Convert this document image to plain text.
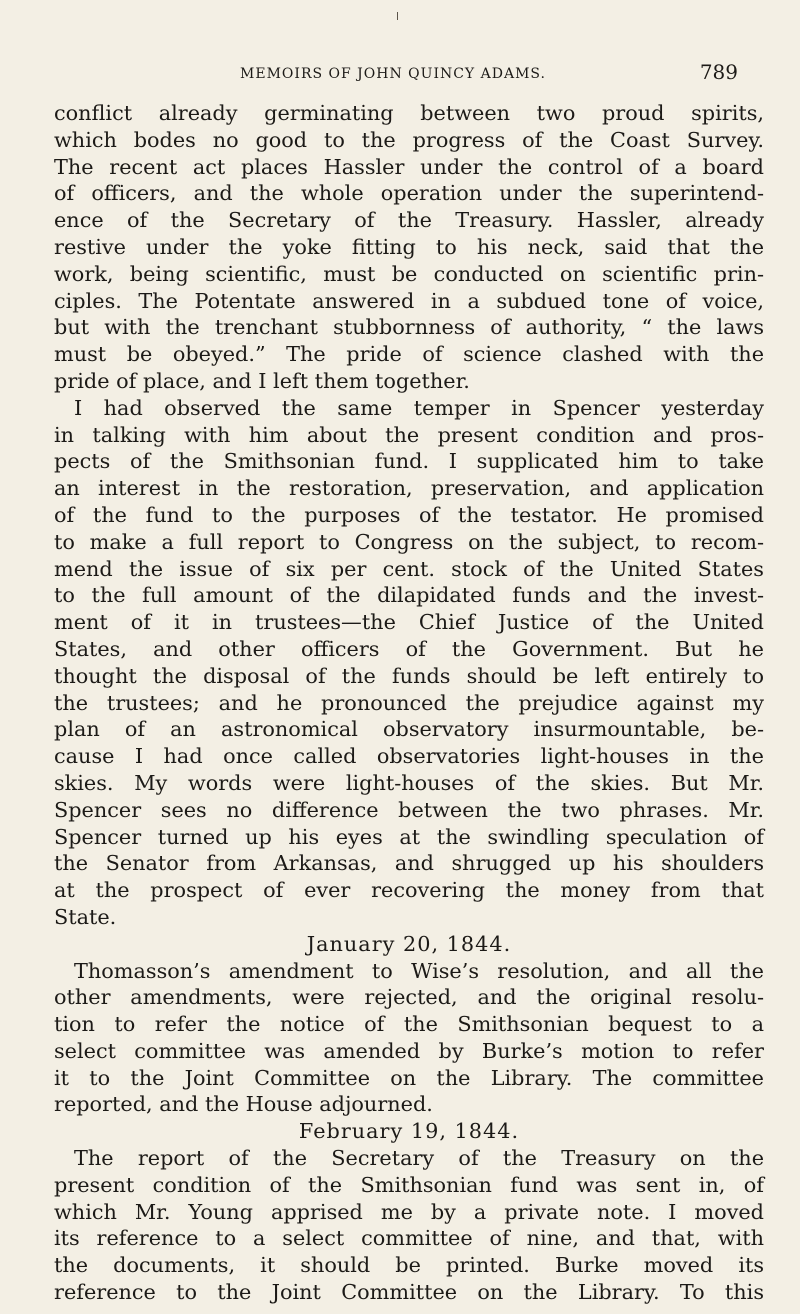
MEMOIRS OF JOHN QUINCY ADAMS.	789
conflict already germinating between two proud spirits,
which bodes no good to the progress of the Coast Survey.
The recent act places Hassler under the control of a board
of officers, and the whole operation under the superintend-
ence of the Secretary of the Treasury. Hassler, already
restive under the yoke fitting to his neck, said that the
work, being scientific, must be conducted on scientific prin-
ciples. The Potentate answered in a subdued tone of voice,
but with the trenchant stubbornness of authority, “ the laws
must be obeyed.” The pride of science clashed with the
pride of place, and I left them together.
I had observed the same temper in Spencer yesterday
in talking with him about the present condition and pros-
pects of the Smithsonian fund. I supplicated him to take
an interest in the restoration, preservation, and application
of the fund to the purposes of the testator. He promised
to make a full report to Congress on the subject, to recom-
mend the issue of six per cent. stock of the United States
to the full amount of the dilapidated funds and the invest-
ment of it in trustees—the Chief Justice of the United
States, and other officers of the Government. But he
thought the disposal of the funds should be left entirely to
the trustees; and he pronounced the prejudice against my
plan of an astronomical observatory insurmountable, be-
cause I had once called observatories light-houses in the
skies. My words were light-houses of the skies. But Mr.
Spencer sees no difference between the two phrases. Mr.
Spencer turned up his eyes at the swindling speculation of
the Senator from Arkansas, and shrugged up his shoulders
at the prospect of ever recovering the money from that
State.
January 20, 1844.
Thomasson’s amendment to Wise’s resolution, and all the
other amendments, were rejected, and the original resolu-
tion to refer the notice of the Smithsonian bequest to a
select committee was amended by Burke’s motion to refer
it to the Joint Committee on the Library. The committee
reported, and the House adjourned.
February 19, 1844.
The report of the Secretary of the Treasury on the
present condition of the Smithsonian fund was sent in, of
which Mr. Young apprised me by a private note. I moved
its reference to a select committee of nine, and that, with
the documents, it should be printed. Burke moved its
reference to the Joint Committee on the Library. To this
